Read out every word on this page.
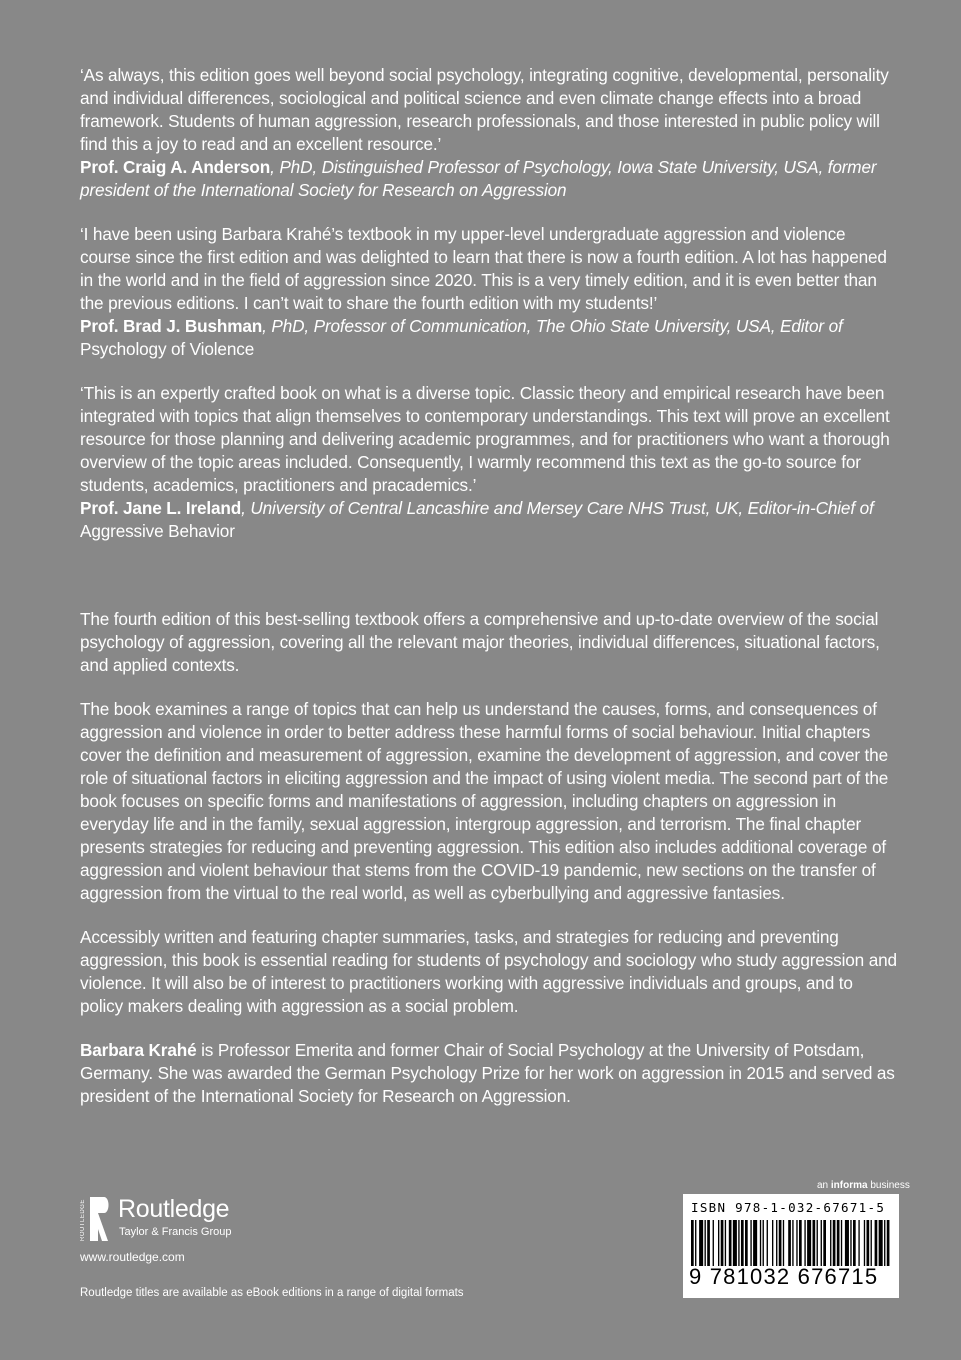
‘As always, this edition goes well beyond social psychology, integrating cognitive, developmental, personality and individual differences, sociological and political science and even climate change effects into a broad framework. Students of human aggression, research professionals, and those interested in public policy will find this a joy to read and an excellent resource.’

Prof. Craig A. Anderson, PhD, Distinguished Professor of Psychology, Iowa State University, USA, former president of the International Society for Research on Aggression

‘I have been using Barbara Krahé’s textbook in my upper-level undergraduate aggression and violence course since the first edition and was delighted to learn that there is now a fourth edition. A lot has happened in the world and in the field of aggression since 2020. This is a very timely edition, and it is even better than the previous editions. I can’t wait to share the fourth edition with my students!’

Prof. Brad J. Bushman, PhD, Professor of Communication, The Ohio State University, USA, Editor of Psychology of Violence

‘This is an expertly crafted book on what is a diverse topic. Classic theory and empirical research have been integrated with topics that align themselves to contemporary understandings. This text will prove an excellent resource for those planning and delivering academic programmes, and for practitioners who want a thorough overview of the topic areas included. Consequently, I warmly recommend this text as the go-to source for students, academics, practitioners and pracademics.’

Prof. Jane L. Ireland, University of Central Lancashire and Mersey Care NHS Trust, UK, Editor-in-Chief of Aggressive Behavior

The fourth edition of this best-selling textbook offers a comprehensive and up-to-date overview of the social psychology of aggression, covering all the relevant major theories, individual differences, situational factors, and applied contexts.

The book examines a range of topics that can help us understand the causes, forms, and consequences of aggression and violence in order to better address these harmful forms of social behaviour. Initial chapters cover the definition and measurement of aggression, examine the development of aggression, and cover the role of situational factors in eliciting aggression and the impact of using violent media. The second part of the book focuses on specific forms and manifestations of aggression, including chapters on aggression in everyday life and in the family, sexual aggression, intergroup aggression, and terrorism. The final chapter presents strategies for reducing and preventing aggression. This edition also includes additional coverage of aggression and violent behaviour that stems from the COVID-19 pandemic, new sections on the transfer of aggression from the virtual to the real world, as well as cyberbullying and aggressive fantasies.

Accessibly written and featuring chapter summaries, tasks, and strategies for reducing and preventing aggression, this book is essential reading for students of psychology and sociology who study aggression and violence. It will also be of interest to practitioners working with aggressive individuals and groups, and to policy makers dealing with aggression as a social problem.

Barbara Krahé is Professor Emerita and former Chair of Social Psychology at the University of Potsdam, Germany. She was awarded the German Psychology Prize for her work on aggression in 2015 and served as president of the International Society for Research on Aggression.

ROUTLEDGE Routledge
Taylor & Francis Group
www.routledge.com
Routledge titles are available as eBook editions in a range of digital formats
an informa business
ISBN 978-1-032-67671-5
9 781032 676715
